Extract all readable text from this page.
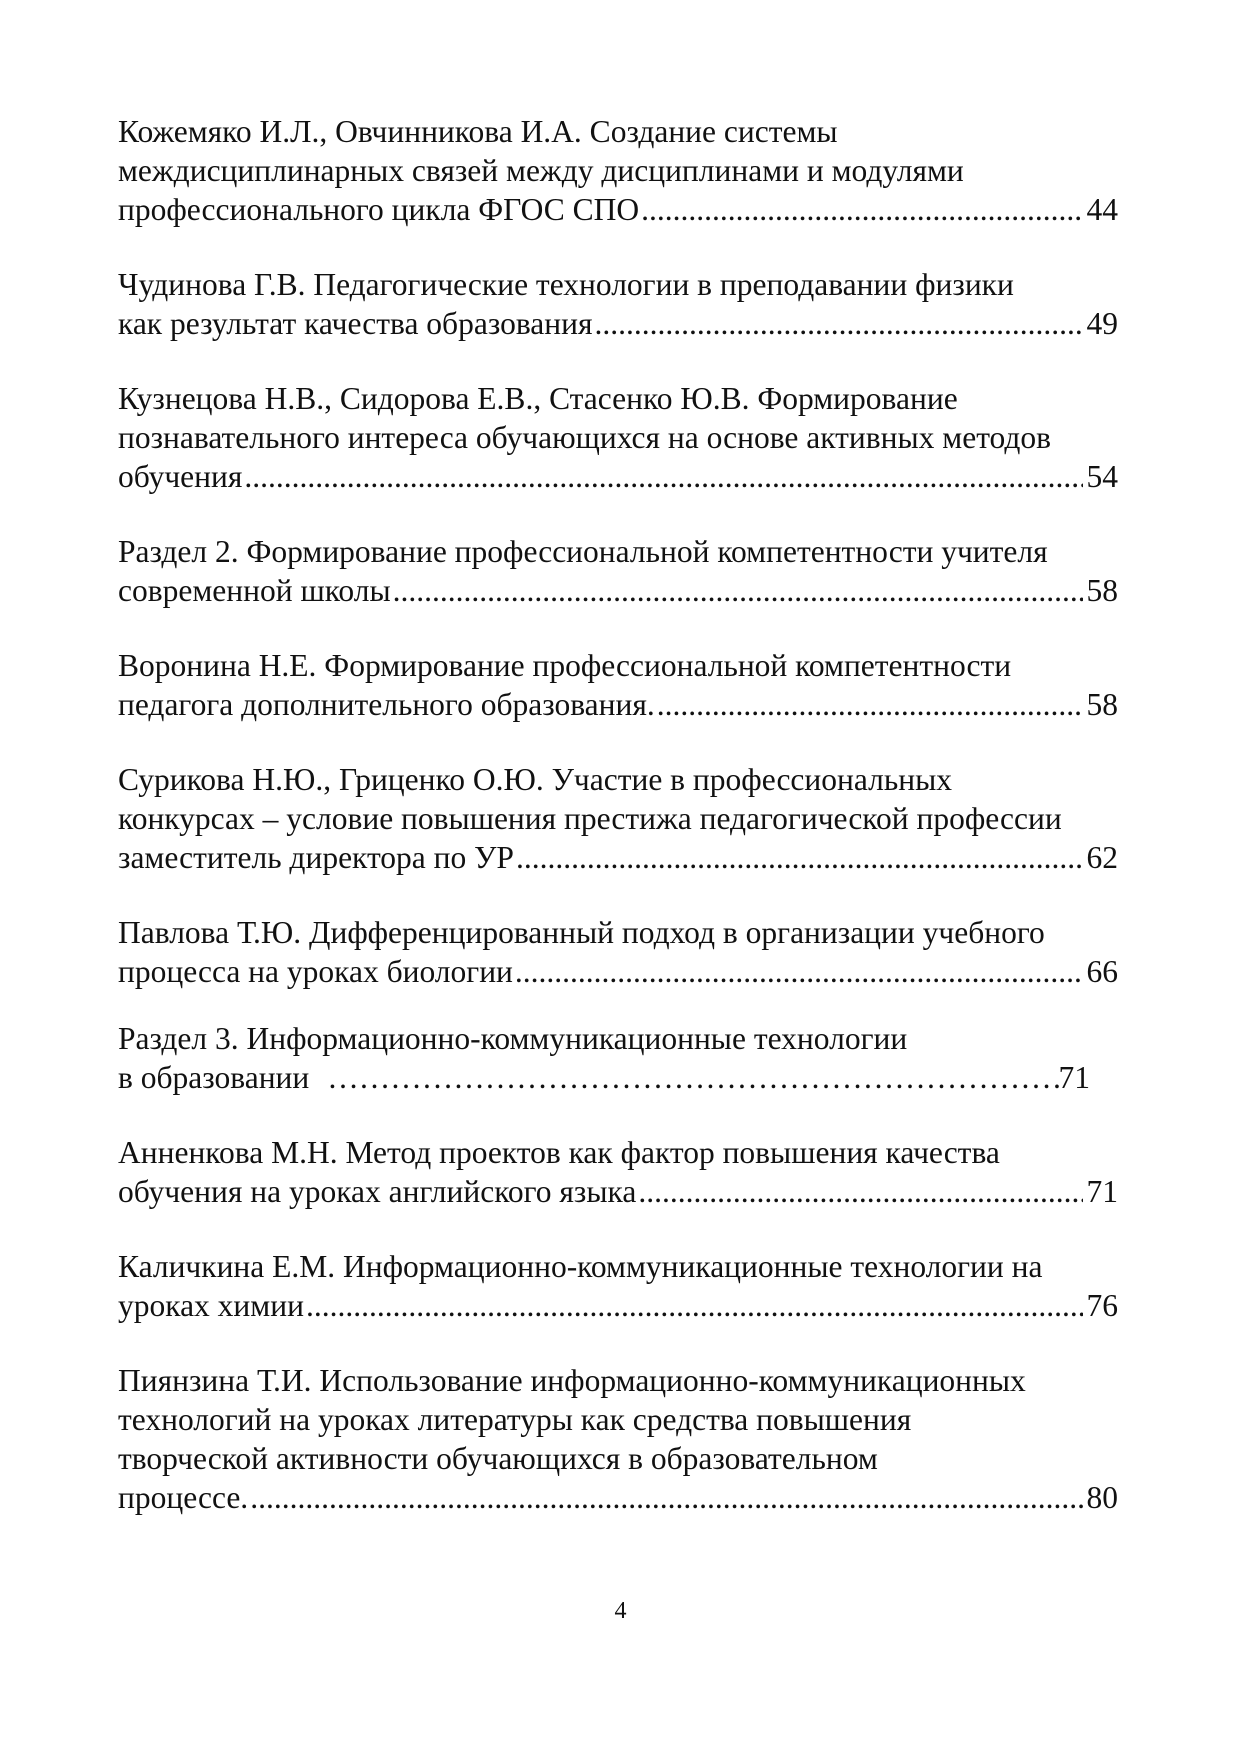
Кожемяко И.Л., Овчинникова И.А. Создание системы
междисциплинарных связей между дисциплинами и модулями
профессионального цикла ФГОС СПО .....	44
Чудинова Г.В. Педагогические технологии в преподавании физики
как результат качества образования .....	49
Кузнецова Н.В., Сидорова Е.В., Стасенко Ю.В. Формирование
познавательного интереса обучающихся на основе активных методов
обучения .....	54
Раздел 2. Формирование профессиональной компетентности учителя
современной школы .....	58
Воронина Н.Е. Формирование профессиональной компетентности
педагога дополнительного образования. .....	58
Сурикова Н.Ю., Гриценко О.Ю. Участие в профессиональных
конкурсах – условие повышения престижа педагогической профессии
заместитель директора по УР .....	62
Павлова Т.Ю. Дифференцированный подход в организации учебного
процесса на уроках биологии .....	66
Раздел 3. Информационно-коммуникационные технологии
в образовании ……………………………………………………………………………………………………………………………………	71
Анненкова М.Н. Метод проектов как фактор повышения качества
обучения на уроках английского языка .....	71
Каличкина Е.М. Информационно-коммуникационные технологии на
уроках химии .....	76
Пиянзина Т.И. Использование информационно-коммуникационных
технологий на уроках литературы как средства повышения
творческой активности обучающихся в образовательном
процессе. .....	80
4
